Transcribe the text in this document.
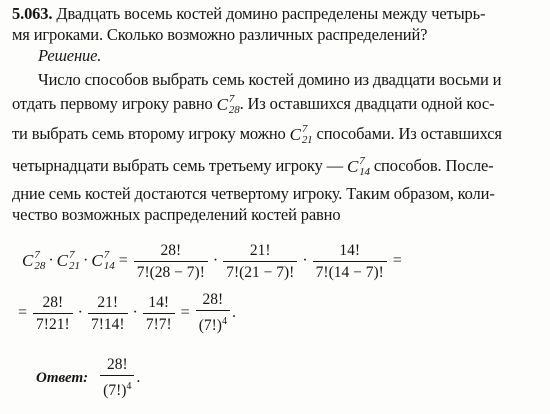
5.063. Двадцать восемь костей домино распределены между четырь-
мя игроками. Сколько возможно различных распределений?
Решение.
Число способов выбрать семь костей домино из двадцати восьми и
отдать первому игроку равно C 7
28 . Из оставшихся двадцати одной кос-
ти выбрать семь второму игроку можно C 7
21 способами. Из оставшихся
четырнадцати выбрать семь третьему игроку — C 7
14 способов. После-
дние семь костей достаются четвертому игроку. Таким образом, коли-
чество возможных распределений костей равно
C 7
28 · C 7
21 · C 7
$14 = \frac{28!}{7!(28 - 7)!} \cdot \frac{21!}{7!(21 - 7)!} \cdot \frac{14!}{7!(14 - 7)!}$ =
= $\frac{28!}{7!21!} \cdot \frac{21!}{7!14!} \cdot \frac{14!}{7!7!} = \frac{28!}{(7!)^4}$ .
Ответ: $\frac{28!}{(7!)^4}$ .
